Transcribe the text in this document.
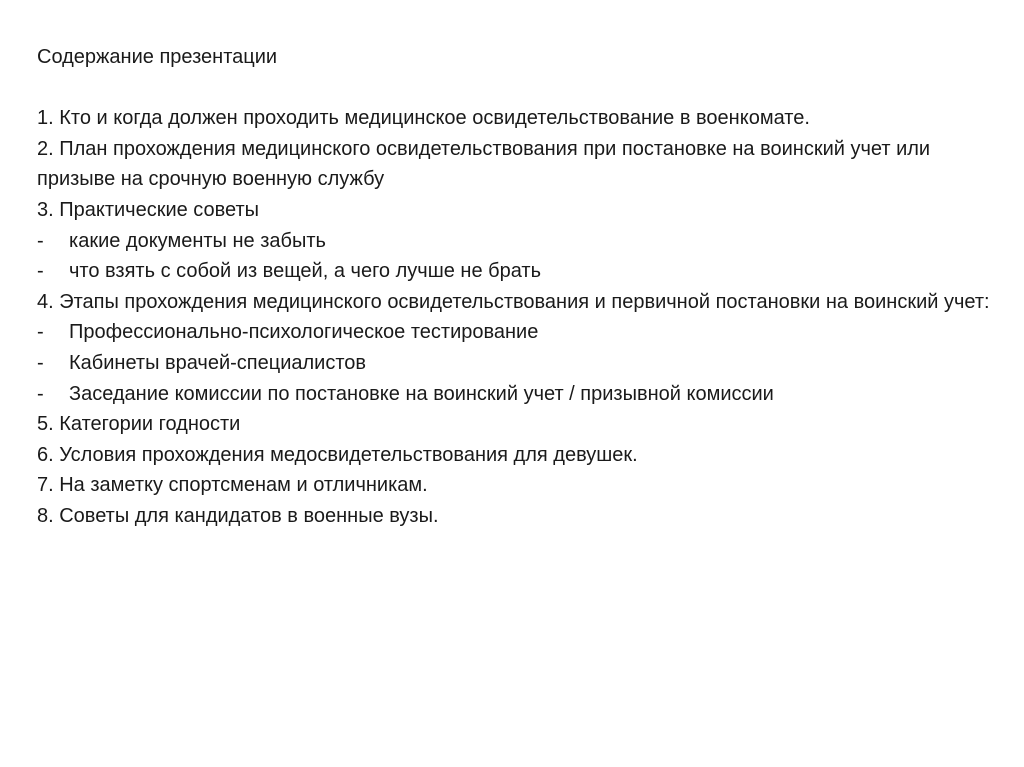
Содержание презентации

1. Кто и когда должен проходить медицинское освидетельствование в военкомате.

2. План прохождения медицинского освидетельствования при постановке на воинский учет или призыве на срочную военную службу

3. Практические советы

- какие документы не забыть

- что взять с собой из вещей, а чего лучше не брать

4. Этапы прохождения медицинского освидетельствования и первичной постановки на воинский учет:

- Профессионально-психологическое тестирование

- Кабинеты врачей-специалистов

- Заседание комиссии по постановке на воинский учет / призывной комиссии

5. Категории годности

6. Условия прохождения медосвидетельствования для девушек.

7. На заметку спортсменам и отличникам.

8. Советы для кандидатов в военные вузы.
